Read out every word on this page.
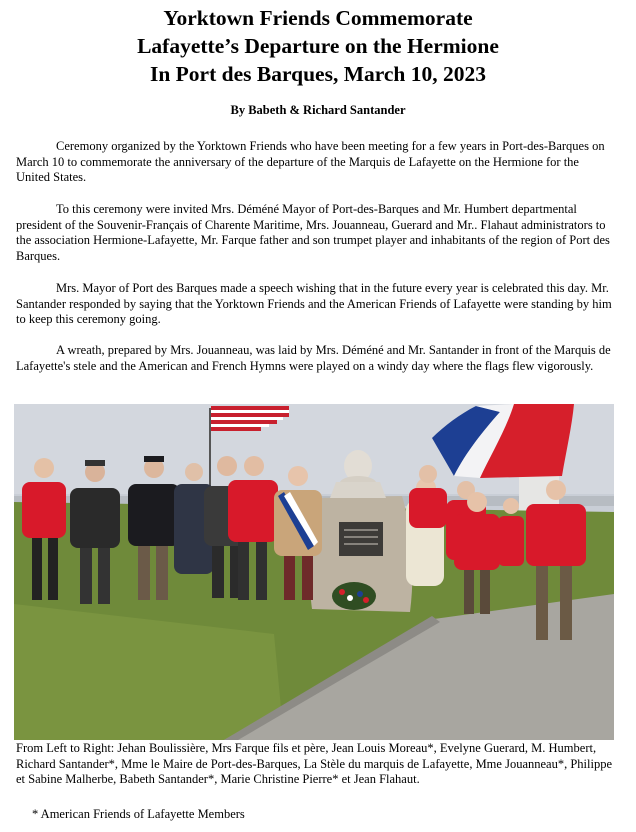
Yorktown Friends Commemorate
Lafayette’s Departure on the Hermione
In Port des Barques, March 10, 2023
By Babeth & Richard Santander

Ceremony organized by the Yorktown Friends who have been meeting for a few years in Port-des-Barques on March 10 to commemorate the anniversary of the departure of the Marquis de Lafayette on the Hermione for the United States.

To this ceremony were invited Mrs. Déméné Mayor of Port-des-Barques and Mr. Humbert departmental president of the Souvenir-Français of Charente Maritime, Mrs. Jouanneau, Guerard and Mr.. Flahaut administrators to the association Hermione-Lafayette, Mr. Farque father and son trumpet player and inhabitants of the region of Port des Barques.

Mrs. Mayor of Port des Barques made a speech wishing that in the future every year is celebrated this day. Mr. Santander responded by saying that the Yorktown Friends and the American Friends of Lafayette were standing by him to keep this ceremony going.

A wreath, prepared by Mrs. Jouanneau, was laid by Mrs. Déméné and Mr. Santander in front of the Marquis de Lafayette's stele and the American and French Hymns were played on a windy day where the flags flew vigorously.

From Left to Right: Jehan Boulissière, Mrs Farque fils et père, Jean Louis Moreau*, Evelyne Guerard, M. Humbert, Richard Santander*, Mme le Maire de Port-des-Barques, La Stèle du marquis de Lafayette, Mme Jouanneau*, Philippe et Sabine Malherbe, Babeth Santander*, Marie Christine Pierre* et Jean Flahaut.

* American Friends of Lafayette Members
